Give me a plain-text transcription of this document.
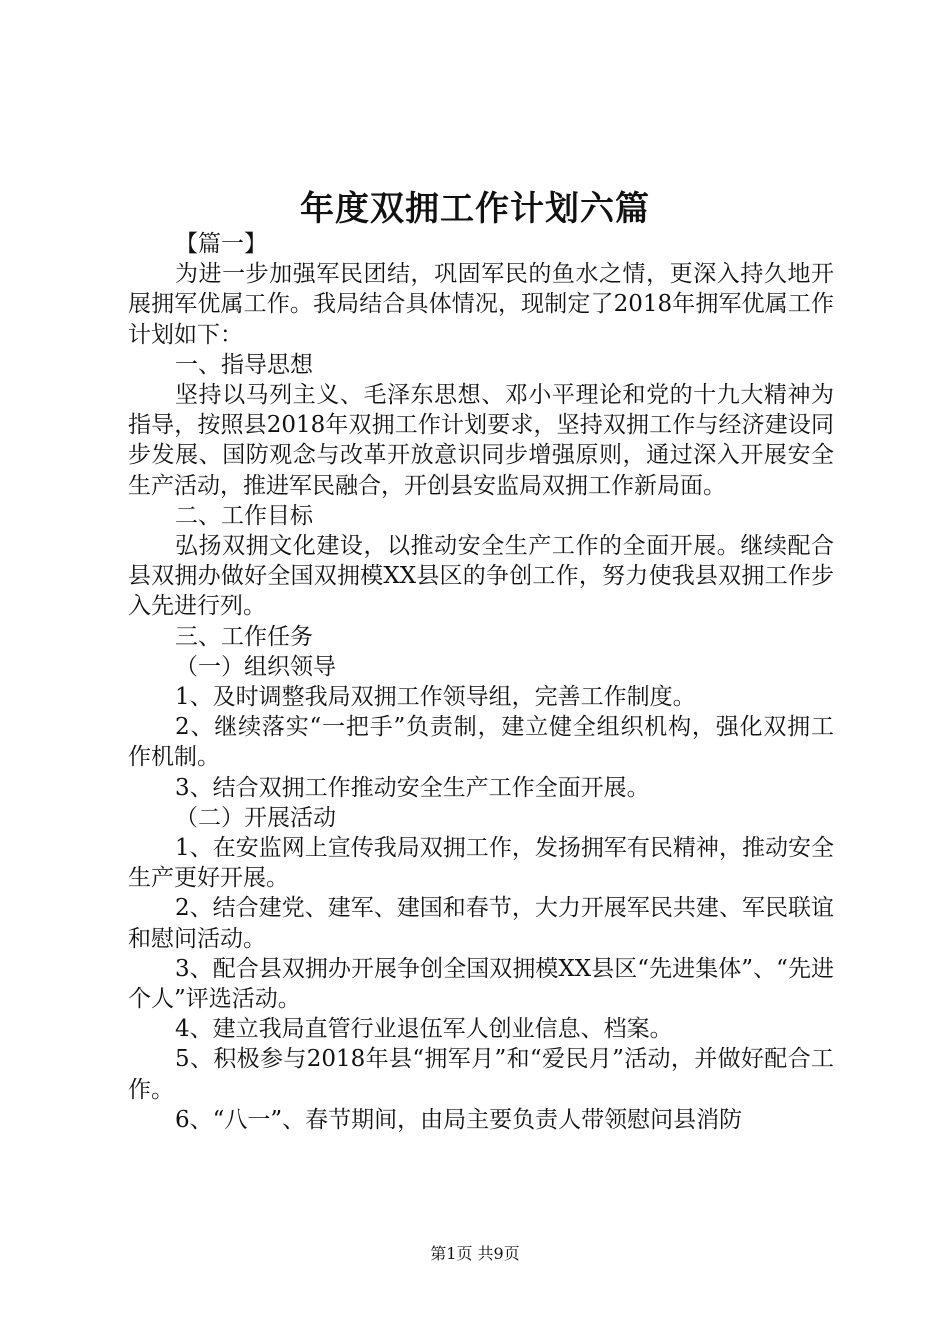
年度双拥工作计划六篇

【篇一】

为进一步加强军民团结，巩固军民的鱼水之情，更深入持久地开展拥军优属工作。我局结合具体情况，现制定了2018年拥军优属工作计划如下：

一、指导思想

坚持以马列主义、毛泽东思想、邓小平理论和党的十九大精神为指导，按照县2018年双拥工作计划要求，坚持双拥工作与经济建设同步发展、国防观念与改革开放意识同步增强原则，通过深入开展安全生产活动，推进军民融合，开创县安监局双拥工作新局面。

二、工作目标

弘扬双拥文化建设，以推动安全生产工作的全面开展。继续配合县双拥办做好全国双拥模XX县区的争创工作，努力使我县双拥工作步入先进行列。

三、工作任务

（一）组织领导

1、及时调整我局双拥工作领导组，完善工作制度。

2、继续落实“一把手”负责制，建立健全组织机构，强化双拥工作机制。

3、结合双拥工作推动安全生产工作全面开展。

（二）开展活动

1、在安监网上宣传我局双拥工作，发扬拥军有民精神，推动安全生产更好开展。

2、结合建党、建军、建国和春节，大力开展军民共建、军民联谊和慰问活动。

3、配合县双拥办开展争创全国双拥模XX县区“先进集体”、“先进个人”评选活动。

4、建立我局直管行业退伍军人创业信息、档案。

5、积极参与2018年县“拥军月”和“爱民月”活动，并做好配合工作。

6、“八一”、春节期间，由局主要负责人带领慰问县消防

第1页 共9页
